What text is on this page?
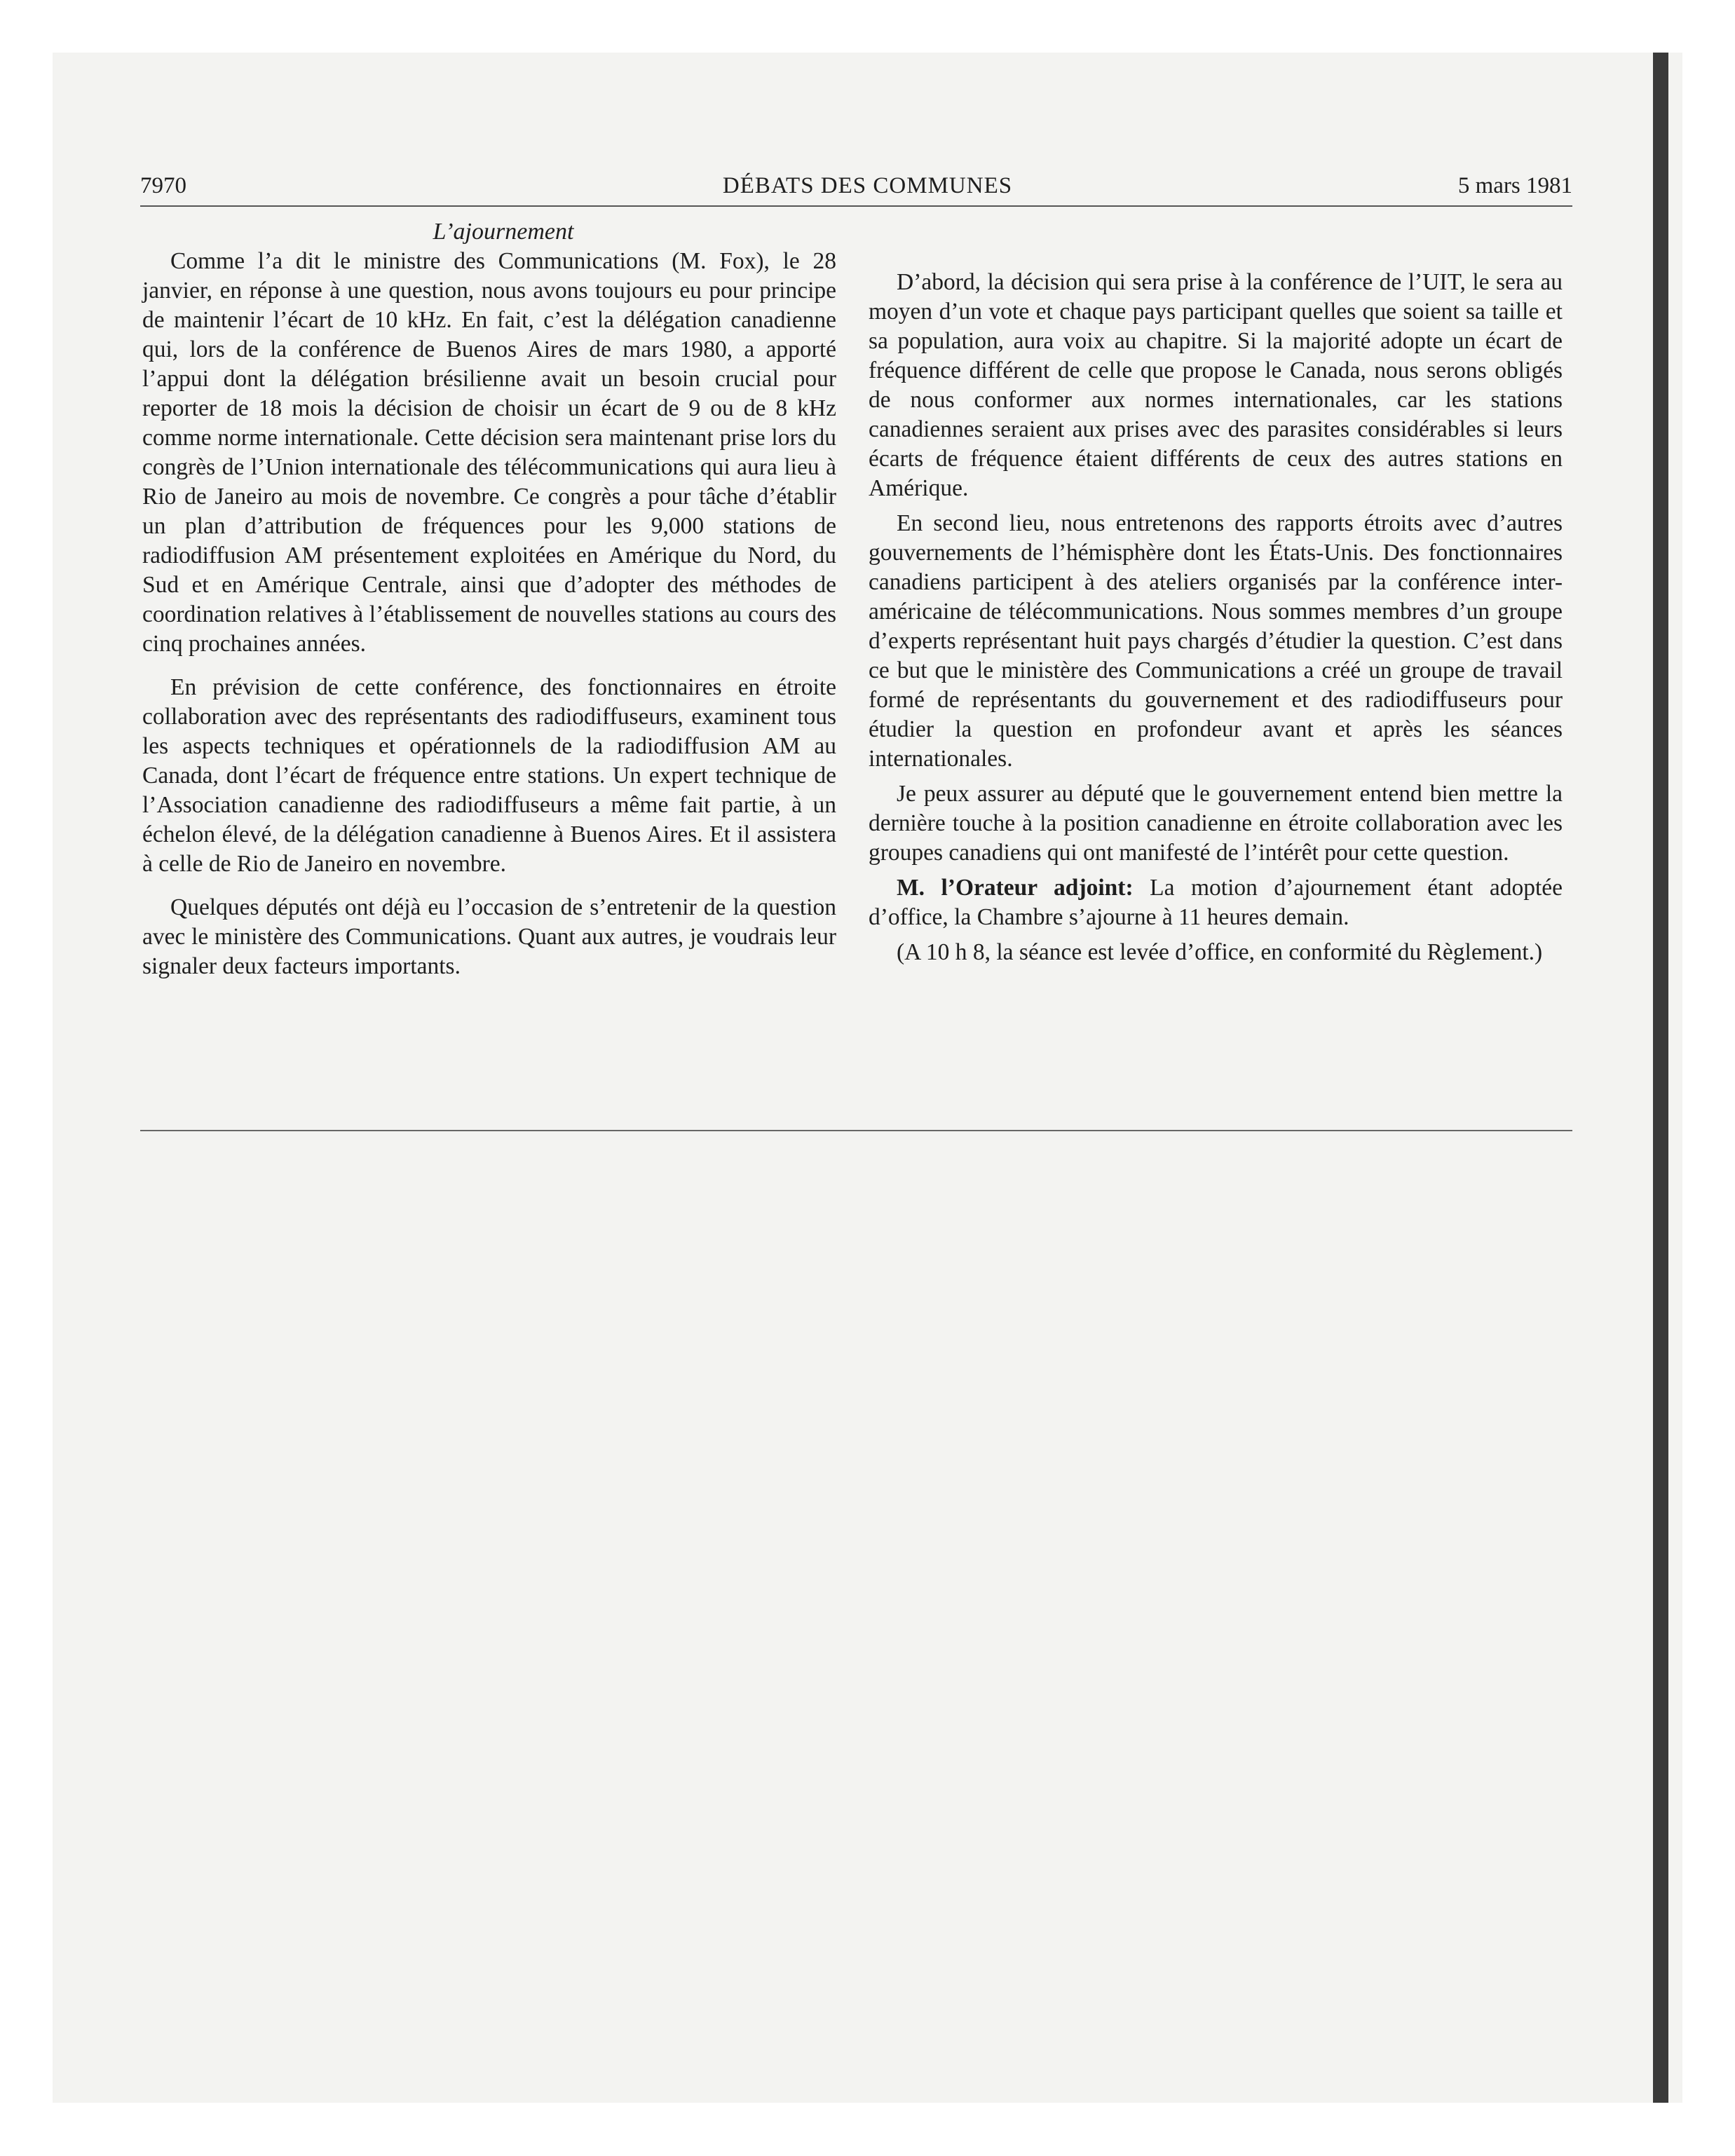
DÉBATS DES COMMUNES
7970	5 mars 1981

L’ajournement

Comme l’a dit le ministre des Communications (M. Fox), le 28 janvier, en réponse à une question, nous avons toujours eu pour principe de maintenir l’écart de 10 kHz. En fait, c’est la délégation canadienne qui, lors de la conférence de Buenos Aires de mars 1980, a apporté l’appui dont la délégation brésilienne avait un besoin crucial pour reporter de 18 mois la décision de choisir un écart de 9 ou de 8 kHz comme norme internationale. Cette décision sera maintenant prise lors du congrès de l’Union internationale des télécommunications qui aura lieu à Rio de Janeiro au mois de novembre. Ce congrès a pour tâche d’établir un plan d’attribution de fréquences pour les 9,000 stations de radiodiffusion AM présentement exploitées en Amérique du Nord, du Sud et en Amérique Centrale, ainsi que d’adopter des méthodes de coordination relatives à l’établissement de nouvelles stations au cours des cinq prochaines années.

En prévision de cette conférence, des fonctionnaires en étroite collaboration avec des représentants des radiodiffuseurs, examinent tous les aspects techniques et opérationnels de la radiodiffusion AM au Canada, dont l’écart de fréquence entre stations. Un expert technique de l’Association canadienne des radiodiffuseurs a même fait partie, à un échelon élevé, de la délégation canadienne à Buenos Aires. Et il assistera à celle de Rio de Janeiro en novembre.

Quelques députés ont déjà eu l’occasion de s’entretenir de la question avec le ministère des Communications. Quant aux autres, je voudrais leur signaler deux facteurs importants.

D’abord, la décision qui sera prise à la conférence de l’UIT, le sera au moyen d’un vote et chaque pays participant quelles que soient sa taille et sa population, aura voix au chapitre. Si la majorité adopte un écart de fréquence différent de celle que propose le Canada, nous serons obligés de nous conformer aux normes internationales, car les stations canadiennes seraient aux prises avec des parasites considérables si leurs écarts de fréquence étaient différents de ceux des autres stations en Amérique.

En second lieu, nous entretenons des rapports étroits avec d’autres gouvernements de l’hémisphère dont les États-Unis. Des fonctionnaires canadiens participent à des ateliers organisés par la conférence inter-américaine de télécommunications. Nous sommes membres d’un groupe d’experts représentant huit pays chargés d’étudier la question. C’est dans ce but que le ministère des Communications a créé un groupe de travail formé de représentants du gouvernement et des radiodiffuseurs pour étudier la question en profondeur avant et après les séances internationales.

Je peux assurer au député que le gouvernement entend bien mettre la dernière touche à la position canadienne en étroite collaboration avec les groupes canadiens qui ont manifesté de l’intérêt pour cette question.

M. l’Orateur adjoint: La motion d’ajournement étant adoptée d’office, la Chambre s’ajourne à 11 heures demain.

(A 10 h 8, la séance est levée d’office, en conformité du Règlement.)
